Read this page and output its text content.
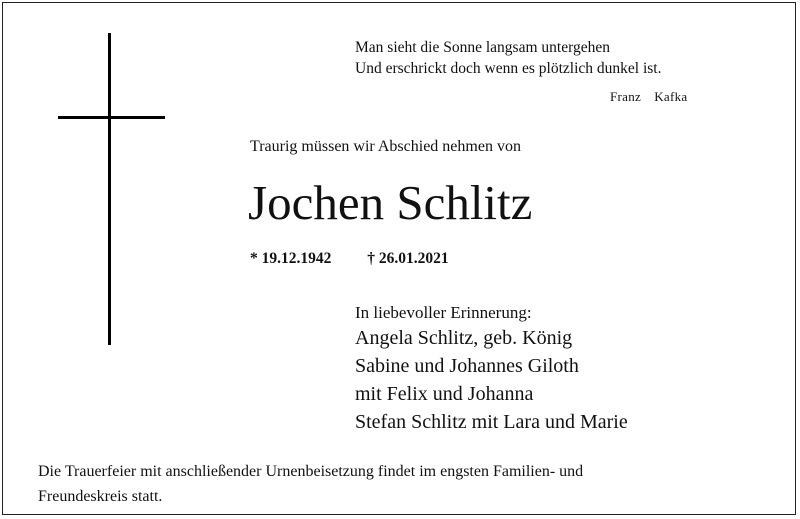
Man sieht die Sonne langsam untergehen
Und erschrickt doch wenn es plötzlich dunkel ist.
Franz  Kafka
Traurig müssen wir Abschied nehmen von
Jochen Schlitz
* 19.12.1942 † 26.01.2021
In liebevoller Erinnerung:
Angela Schlitz, geb. König
Sabine und Johannes Giloth
mit Felix und Johanna
Stefan Schlitz mit Lara und Marie
Die Trauerfeier mit anschließender Urnenbeisetzung findet im engsten Familien- und
Freundeskreis statt.
